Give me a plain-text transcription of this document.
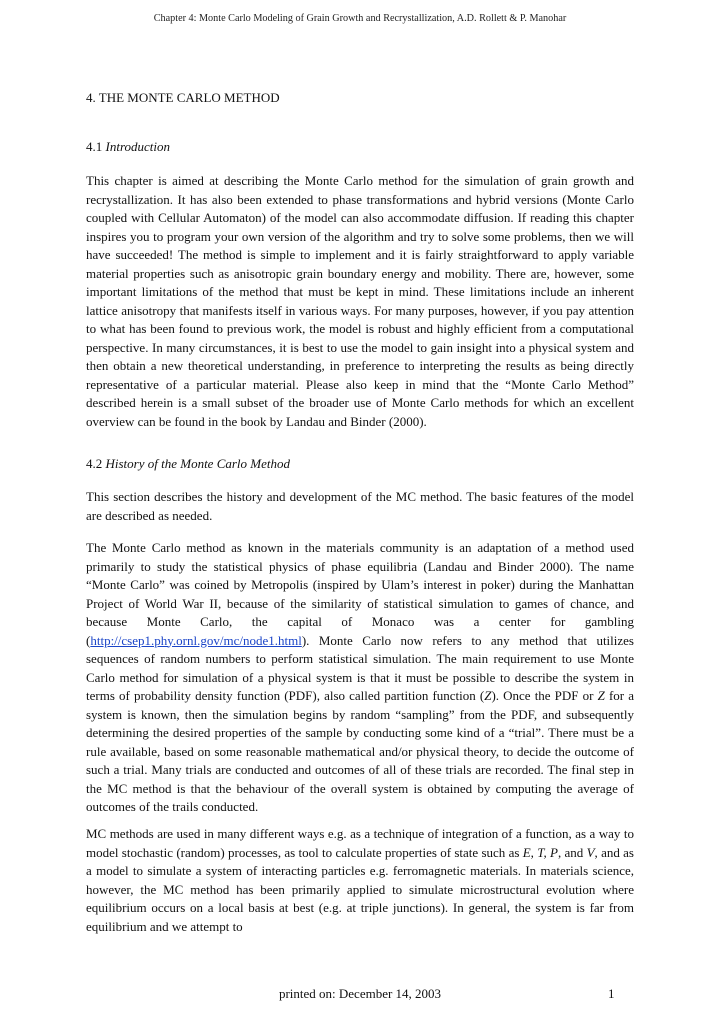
Chapter 4: Monte Carlo Modeling of Grain Growth and Recrystallization, A.D. Rollett & P. Manohar
4. THE MONTE CARLO METHOD
4.1 Introduction

This chapter is aimed at describing the Monte Carlo method for the simulation of grain growth and recrystallization. It has also been extended to phase transformations and hybrid versions (Monte Carlo coupled with Cellular Automaton) of the model can also accommodate diffusion. If reading this chapter inspires you to program your own version of the algorithm and try to solve some problems, then we will have succeeded! The method is simple to implement and it is fairly straightforward to apply variable material properties such as anisotropic grain boundary energy and mobility. There are, however, some important limitations of the method that must be kept in mind. These limitations include an inherent lattice anisotropy that manifests itself in various ways. For many purposes, however, if you pay attention to what has been found to previous work, the model is robust and highly efficient from a computational perspective. In many circumstances, it is best to use the model to gain insight into a physical system and then obtain a new theoretical understanding, in preference to interpreting the results as being directly representative of a particular material. Please also keep in mind that the “Monte Carlo Method” described herein is a small subset of the broader use of Monte Carlo methods for which an excellent overview can be found in the book by Landau and Binder (2000).

4.2 History of the Monte Carlo Method

This section describes the history and development of the MC method. The basic features of the model are described as needed.

The Monte Carlo method as known in the materials community is an adaptation of a method used primarily to study the statistical physics of phase equilibria (Landau and Binder 2000). The name “Monte Carlo” was coined by Metropolis (inspired by Ulam’s interest in poker) during the Manhattan Project of World War II, because of the similarity of statistical simulation to games of chance, and because Monte Carlo, the capital of Monaco was a center for gambling (http://csep1.phy.ornl.gov/mc/node1.html). Monte Carlo now refers to any method that utilizes sequences of random numbers to perform statistical simulation. The main requirement to use Monte Carlo method for simulation of a physical system is that it must be possible to describe the system in terms of probability density function (PDF), also called partition function (Z). Once the PDF or Z for a system is known, then the simulation begins by random “sampling” from the PDF, and subsequently determining the desired properties of the sample by conducting some kind of a “trial”. There must be a rule available, based on some reasonable mathematical and/or physical theory, to decide the outcome of such a trial. Many trials are conducted and outcomes of all of these trials are recorded. The final step in the MC method is that the behaviour of the overall system is obtained by computing the average of outcomes of the trails conducted.

MC methods are used in many different ways e.g. as a technique of integration of a function, as a way to model stochastic (random) processes, as tool to calculate properties of state such as E, T, P, and V, and as a model to simulate a system of interacting particles e.g. ferromagnetic materials. In materials science, however, the MC method has been primarily applied to simulate microstructural evolution where equilibrium occurs on a local basis at best (e.g. at triple junctions). In general, the system is far from equilibrium and we attempt to

printed on: December 14, 2003	1
